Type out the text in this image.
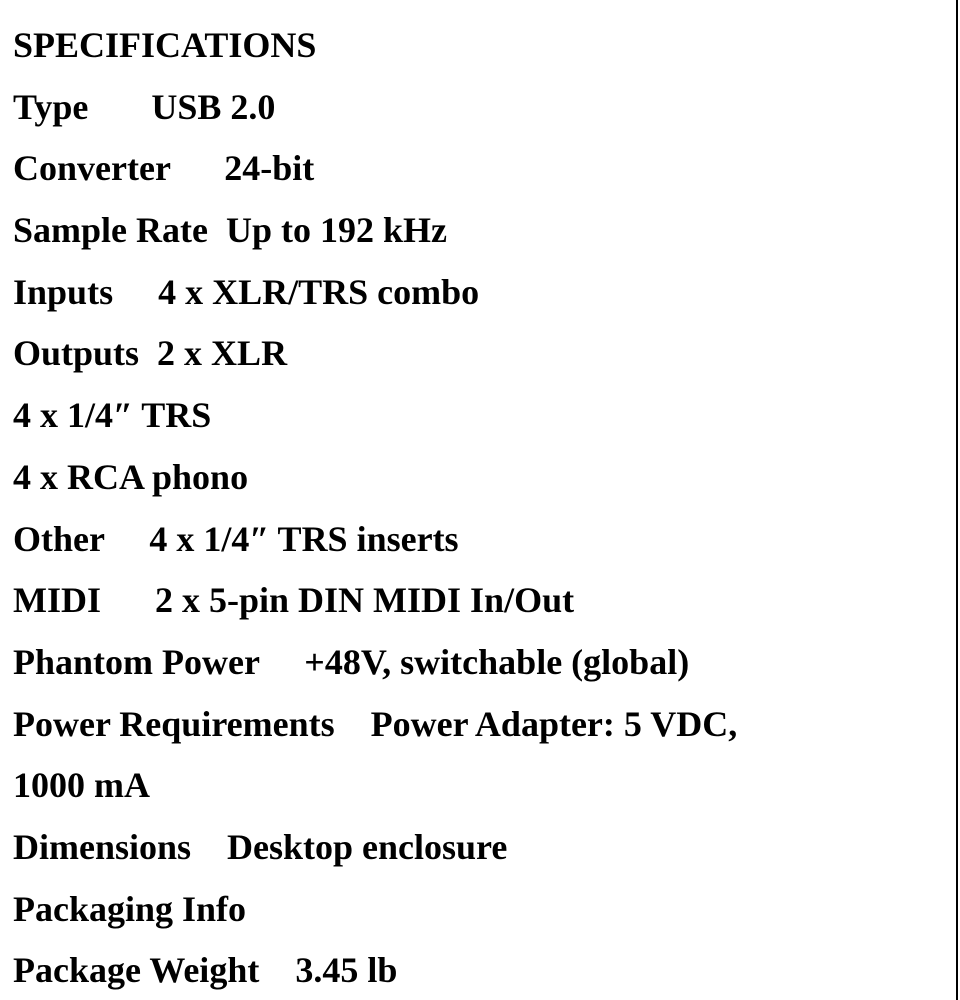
SPECIFICATIONS
Type       USB 2.0
Converter      24-bit
Sample Rate  Up to 192 kHz
Inputs     4 x XLR/TRS combo
Outputs  2 x XLR
4 x 1/4″ TRS
4 x RCA phono
Other     4 x 1/4″ TRS inserts
MIDI      2 x 5-pin DIN MIDI In/Out
Phantom Power     +48V, switchable (global)
Power Requirements    Power Adapter: 5 VDC,
1000 mA
Dimensions    Desktop enclosure
Packaging Info
Package Weight    3.45 lb
